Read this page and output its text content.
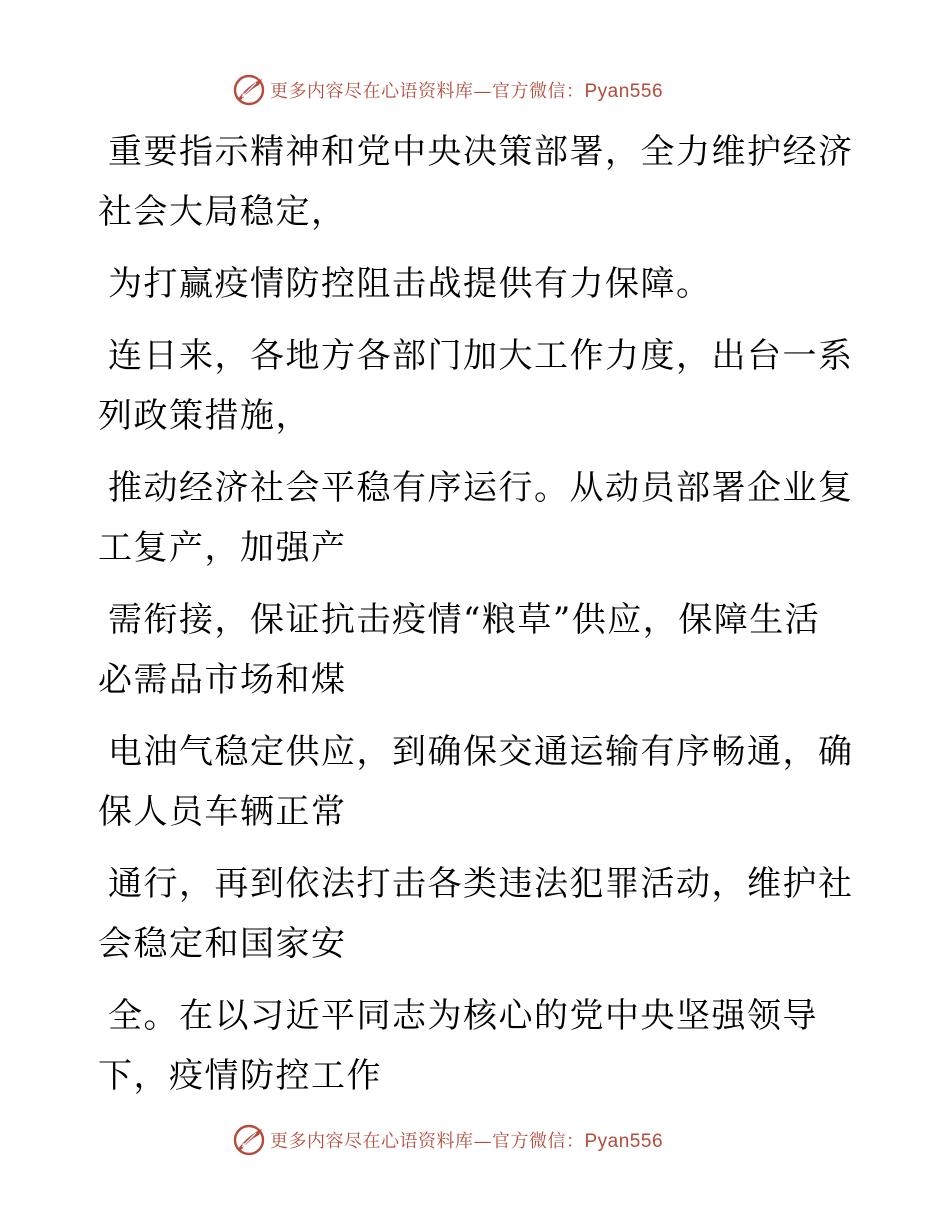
更多内容尽在心语资料库—官方微信：Pyan556
重要指示精神和党中央决策部署，全力维护经济
社会大局稳定，
为打赢疫情防控阻击战提供有力保障。
连日来，各地方各部门加大工作力度，出台一系
列政策措施，
推动经济社会平稳有序运行。从动员部署企业复
工复产，加强产
需衔接，保证抗击疫情“粮草”供应，保障生活
必需品市场和煤
电油气稳定供应，到确保交通运输有序畅通，确
保人员车辆正常
通行，再到依法打击各类违法犯罪活动，维护社
会稳定和国家安
全。在以习近平同志为核心的党中央坚强领导
下，疫情防控工作
更多内容尽在心语资料库—官方微信：Pyan556
